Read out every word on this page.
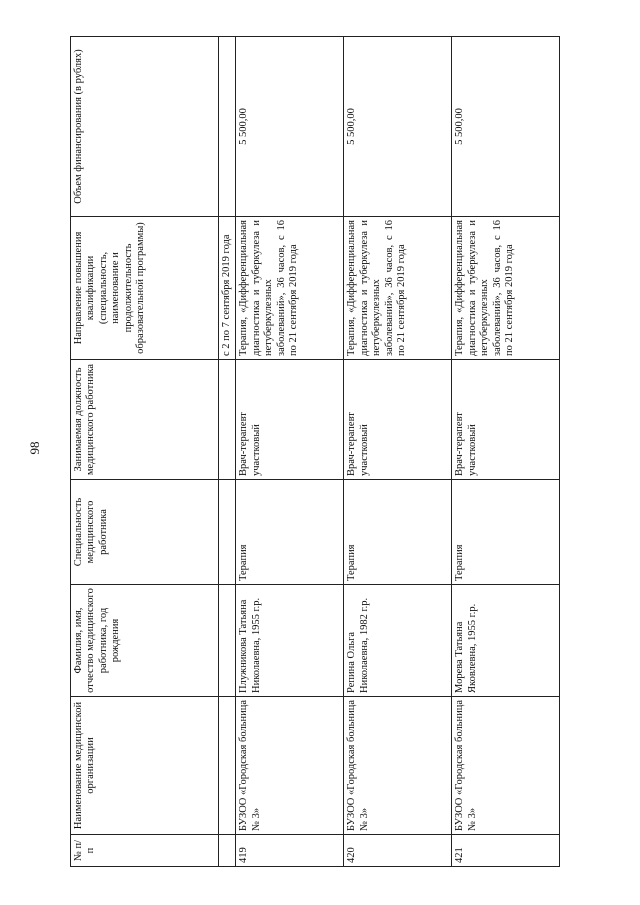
98
№ п/п	Наименование медицинской организации	Фамилия, имя, отчество медицинского работника, год рождения	Специальность медицинского работника	Занимаемая должность медицинского работника	Направление повышения квалификации (специальность, наименование и продолжительность образовательной программы)	Объем финансирования (в рублях)
					с 2 по 7 сентября 2019 года	
419	БУЗОО «Городская больница № 3»	Плужникова Татьяна Николаевна, 1955 г.р.	Терапия	Врач-терапевт участковый	Терапия, «Дифференциальная диагностика и туберкулеза и нетуберкулезных заболеваний», 36 часов, с 16 по 21 сентября 2019 года	5 500,00
420	БУЗОО «Городская больница № 3»	Репина Ольга Николаевна, 1982 г.р.	Терапия	Врач-терапевт участковый	Терапия, «Дифференциальная диагностика и туберкулеза и нетуберкулезных заболеваний», 36 часов, с 16 по 21 сентября 2019 года	5 500,00
421	БУЗОО «Городская больница № 3»	Морева Татьяна Яковлевна, 1955 г.р.	Терапия	Врач-терапевт участковый	Терапия, «Дифференциальная диагностика и туберкулеза и нетуберкулезных заболеваний», 36 часов, с 16 по 21 сентября 2019 года	5 500,00
